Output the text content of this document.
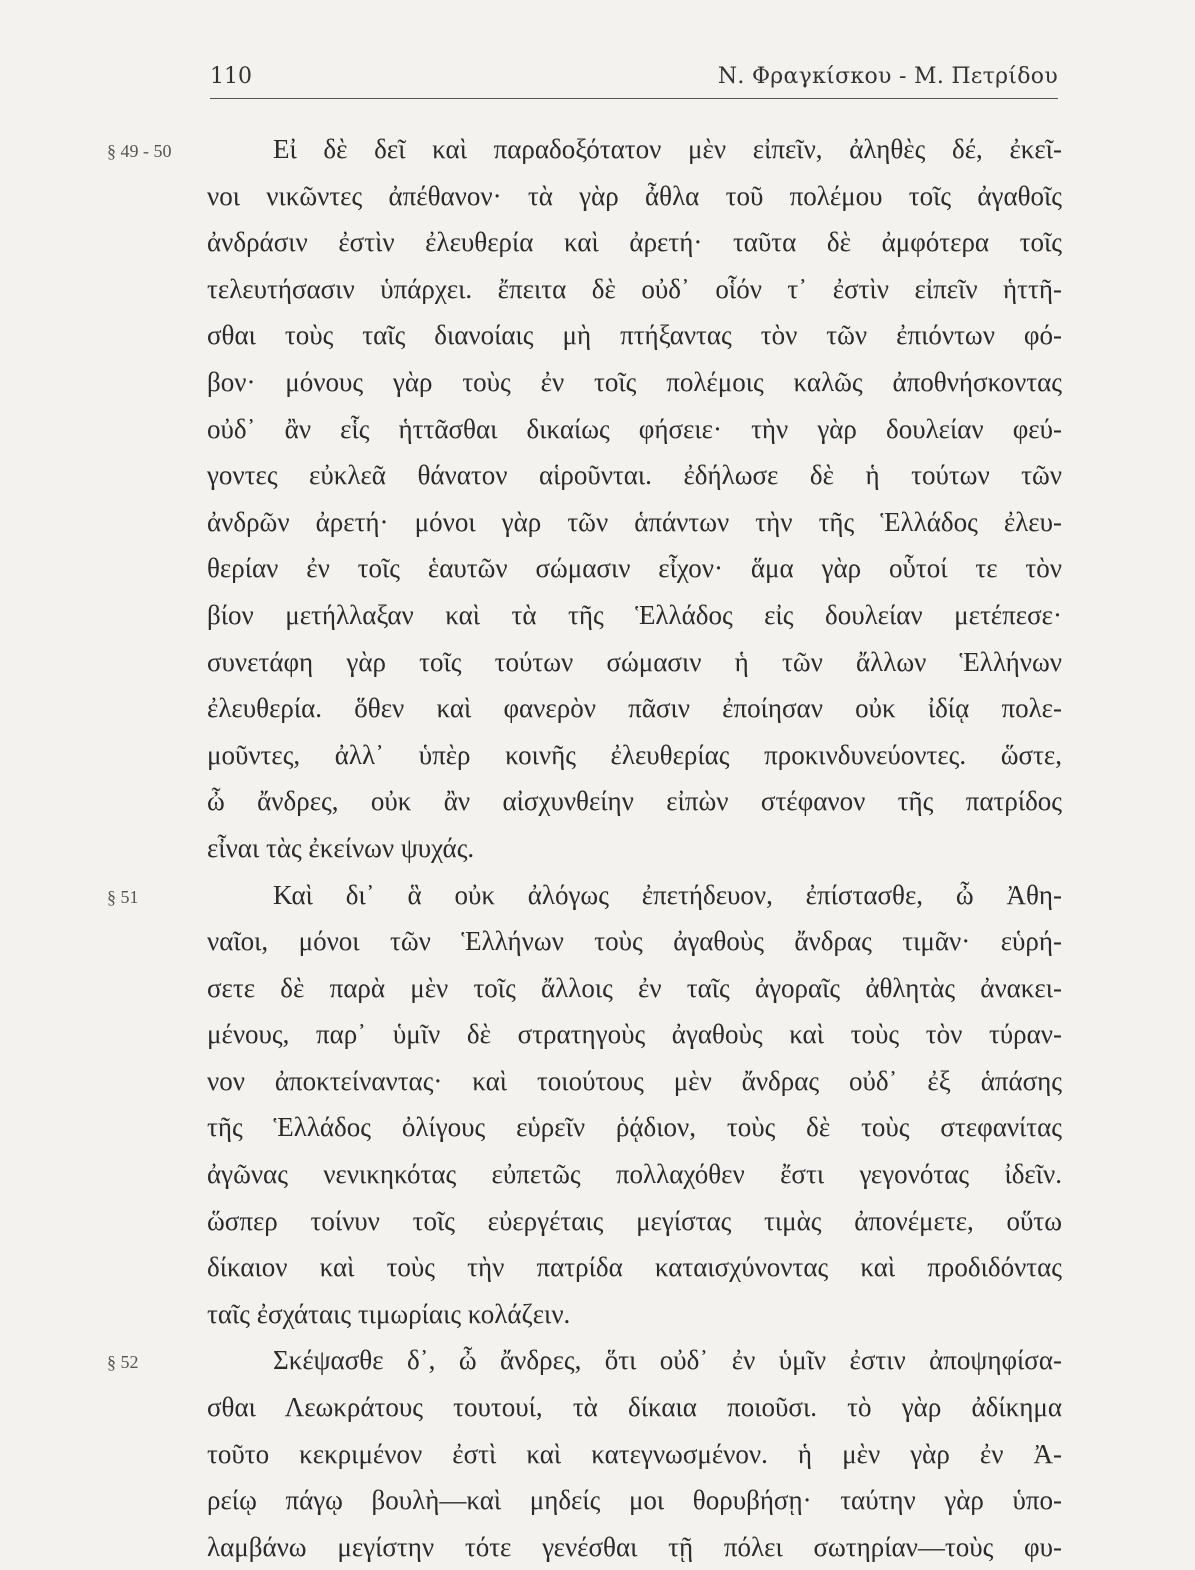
110	Ν. Φραγκίσκου - Μ. Πετρίδου
§ 49 - 50	Εἰ δὲ δεῖ καὶ παραδοξότατον μὲν εἰπεῖν, ἀληθὲς δέ, ἐκεῖ-
νοι νικῶντες ἀπέθανον· τὰ γὰρ ἆθλα τοῦ πολέμου τοῖς ἀγαθοῖς
ἀνδράσιν ἐστὶν ἐλευθερία καὶ ἀρετή· ταῦτα δὲ ἀμφότερα τοῖς
τελευτήσασιν ὑπάρχει. ἔπειτα δὲ οὐδ᾽ οἷόν τ᾽ ἐστὶν εἰπεῖν ἡττῆ-
σθαι τοὺς ταῖς διανοίαις μὴ πτήξαντας τὸν τῶν ἐπιόντων φό-
βον· μόνους γὰρ τοὺς ἐν τοῖς πολέμοις καλῶς ἀποθνήσκοντας
οὐδ᾽ ἂν εἷς ἡττᾶσθαι δικαίως φήσειε· τὴν γὰρ δουλείαν φεύ-
γοντες εὐκλεᾶ θάνατον αἱροῦνται. ἐδήλωσε δὲ ἡ τούτων τῶν
ἀνδρῶν ἀρετή· μόνοι γὰρ τῶν ἁπάντων τὴν τῆς Ἑλλάδος ἐλευ-
θερίαν ἐν τοῖς ἑαυτῶν σώμασιν εἶχον· ἅμα γὰρ οὗτοί τε τὸν
βίον μετήλλαξαν καὶ τὰ τῆς Ἑλλάδος εἰς δουλείαν μετέπεσε·
συνετάφη γὰρ τοῖς τούτων σώμασιν ἡ τῶν ἄλλων Ἑλλήνων
ἐλευθερία. ὅθεν καὶ φανερὸν πᾶσιν ἐποίησαν οὐκ ἰδίᾳ πολε-
μοῦντες, ἀλλ᾽ ὑπὲρ κοινῆς ἐλευθερίας προκινδυνεύοντες. ὥστε,
ὦ ἄνδρες, οὐκ ἂν αἰσχυνθείην εἰπὼν στέφανον τῆς πατρίδος
εἶναι τὰς ἐκείνων ψυχάς.
§ 51	Καὶ δι᾽ ἃ οὐκ ἀλόγως ἐπετήδευον, ἐπίστασθε, ὦ Ἀθη-
ναῖοι, μόνοι τῶν Ἑλλήνων τοὺς ἀγαθοὺς ἄνδρας τιμᾶν· εὑρή-
σετε δὲ παρὰ μὲν τοῖς ἄλλοις ἐν ταῖς ἀγοραῖς ἀθλητὰς ἀνακει-
μένους, παρ᾽ ὑμῖν δὲ στρατηγοὺς ἀγαθοὺς καὶ τοὺς τὸν τύραν-
νον ἀποκτείναντας· καὶ τοιούτους μὲν ἄνδρας οὐδ᾽ ἐξ ἁπάσης
τῆς Ἑλλάδος ὀλίγους εὑρεῖν ῥᾴδιον, τοὺς δὲ τοὺς στεφανίτας
ἀγῶνας νενικηκότας εὐπετῶς πολλαχόθεν ἔστι γεγονότας ἰδεῖν.
ὥσπερ τοίνυν τοῖς εὐεργέταις μεγίστας τιμὰς ἀπονέμετε, οὕτω
δίκαιον καὶ τοὺς τὴν πατρίδα καταισχύνοντας καὶ προδιδόντας
ταῖς ἐσχάταις τιμωρίαις κολάζειν.
§ 52	Σκέψασθε δ᾽, ὦ ἄνδρες, ὅτι οὐδ᾽ ἐν ὑμῖν ἐστιν ἀποψηφίσα-
σθαι Λεωκράτους τουτουί, τὰ δίκαια ποιοῦσι. τὸ γὰρ ἀδίκημα
τοῦτο κεκριμένον ἐστὶ καὶ κατεγνωσμένον. ἡ μὲν γὰρ ἐν Ἀ-
ρείῳ πάγῳ βουλὴ—καὶ μηδείς μοι θορυβήσῃ· ταύτην γὰρ ὑπο-
λαμβάνω μεγίστην τότε γενέσθαι τῇ πόλει σωτηρίαν—τοὺς φυ-
